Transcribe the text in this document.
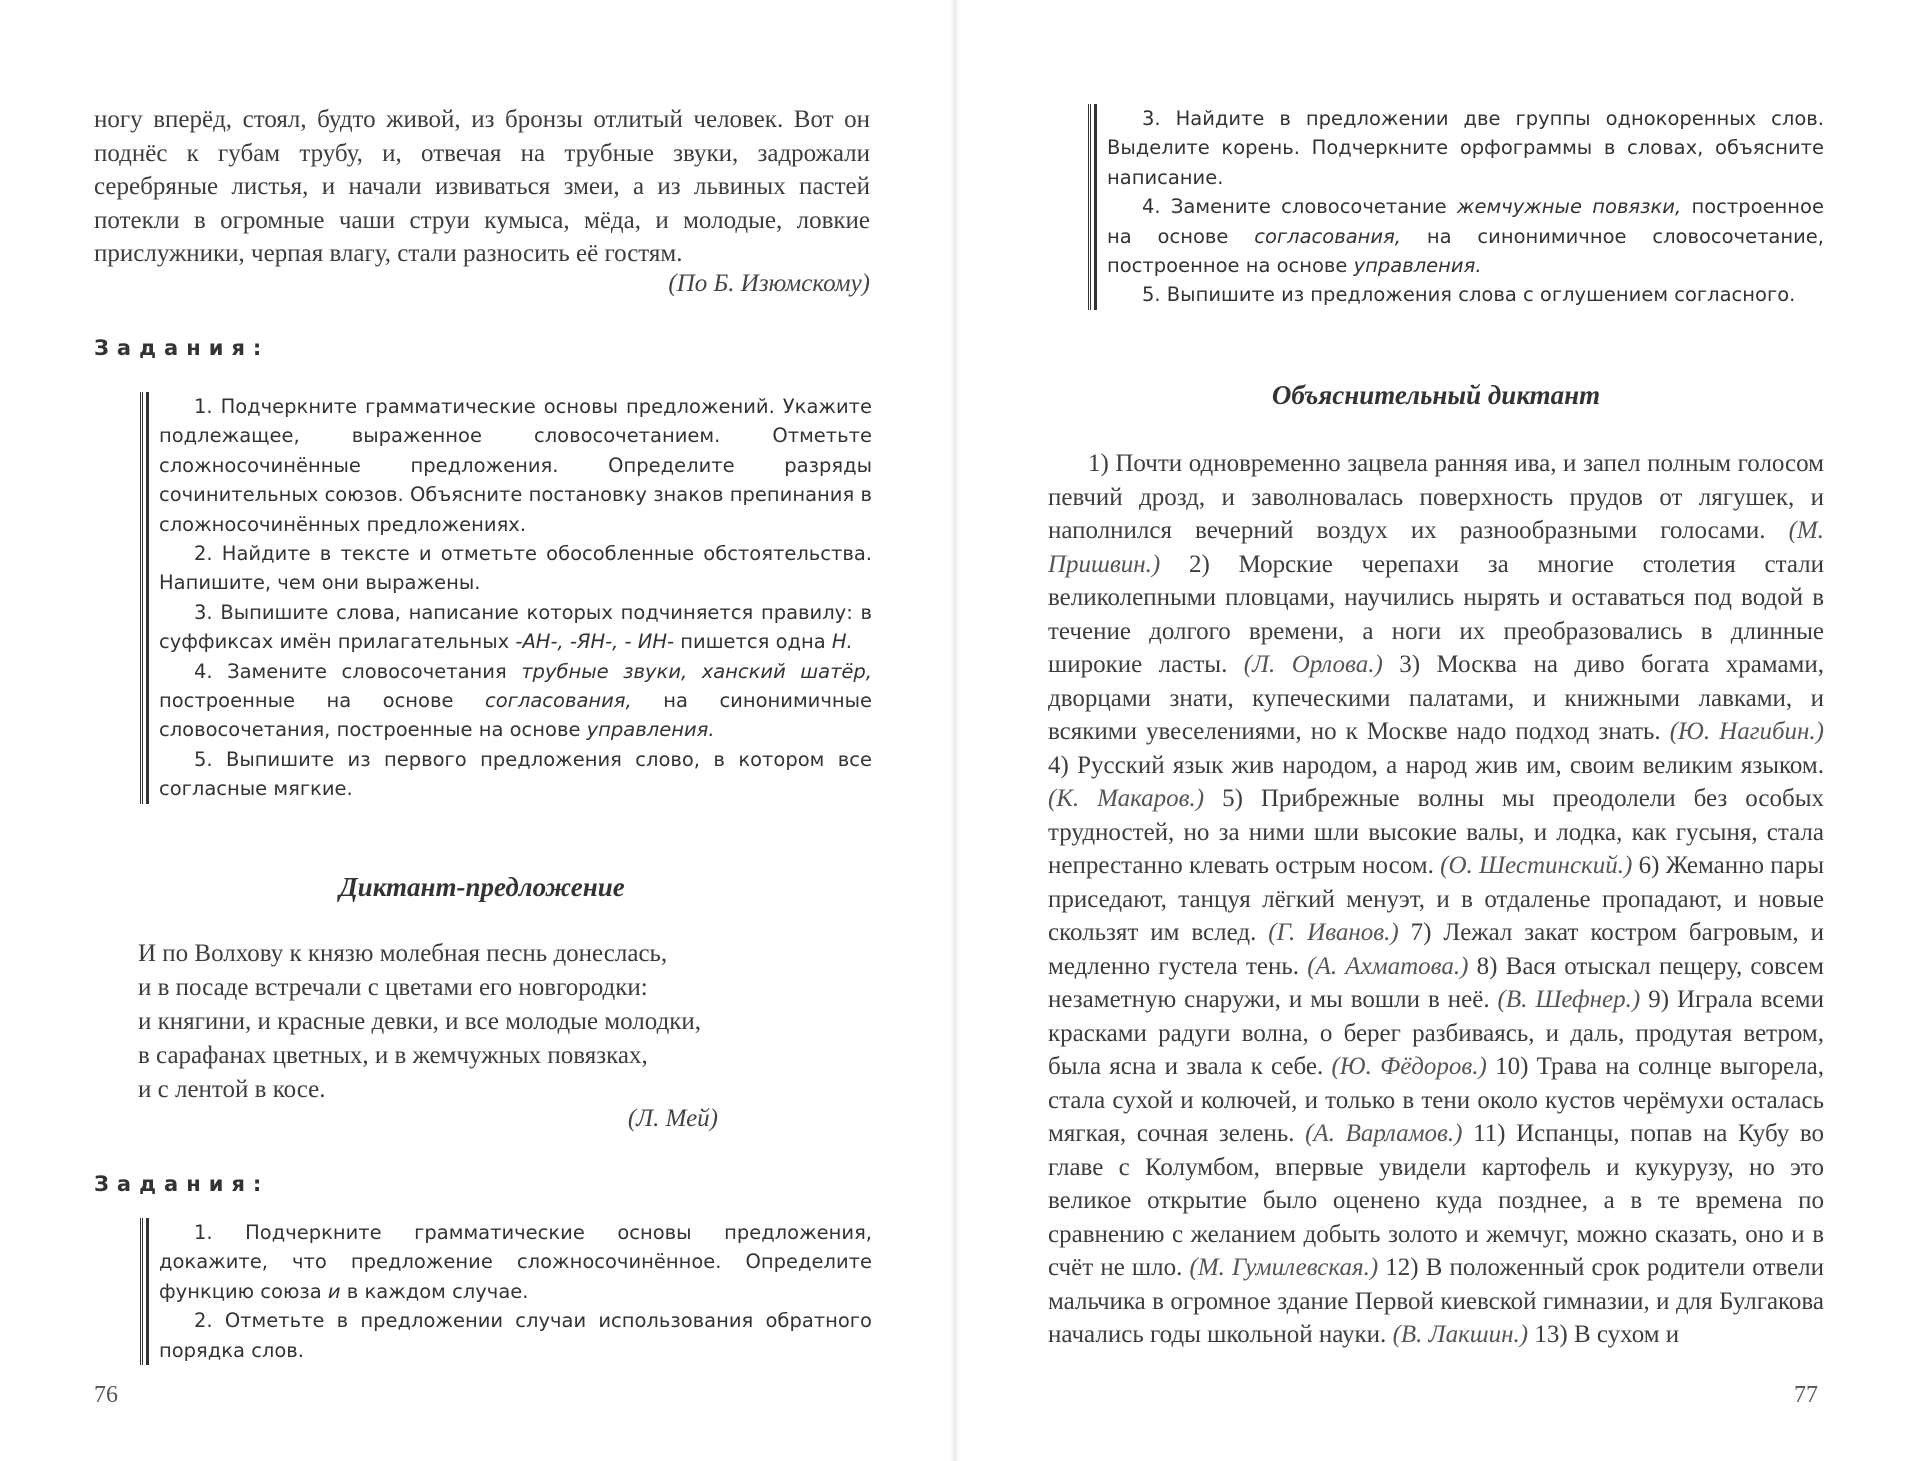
ногу вперёд, стоял, будто живой, из бронзы отлитый человек. Вот он поднёс к губам трубу, и, отвечая на трубные звуки, задрожали серебряные листья, и начали извиваться змеи, а из львиных пастей потекли в огромные чаши струи кумыса, мёда, и молодые, ловкие прислужники, черпая влагу, стали разносить её гостям.

(По Б. Изюмскому)
Задания:

1. Подчеркните грамматические основы предложений. Укажите подлежащее, выраженное словосочетанием. Отметьте сложносочинённые предложения. Определите разряды сочинительных союзов. Объясните постановку знаков препинания в сложносочинённых предложениях.

2. Найдите в тексте и отметьте обособленные обстоятельства. Напишите, чем они выражены.

3. Выпишите слова, написание которых подчиняется правилу: в суффиксах имён прилагательных -АН-, -ЯН-, - ИН- пишется одна Н.

4. Замените словосочетания трубные звуки, ханский шатёр, построенные на основе согласования, на синонимичные словосочетания, построенные на основе управления.

5. Выпишите из первого предложения слово, в котором все согласные мягкие.

Диктант-предложение
И по Волхову к князю молебная песнь донеслась,
и в посаде встречали с цветами его новгородки:
и княгини, и красные девки, и все молодые молодки,
в сарафанах цветных, и в жемчужных повязках,
и с лентой в косе.
(Л. Мей)
Задания:

1. Подчеркните грамматические основы предложения, докажите, что предложение сложносочинённое. Определите функцию союза и в каждом случае.

2. Отметьте в предложении случаи использования обратного порядка слов.

76

3. Найдите в предложении две группы однокоренных слов. Выделите корень. Подчеркните орфограммы в словах, объясните написание.

4. Замените словосочетание жемчужные повязки, построенное на основе согласования, на синонимичное словосочетание, построенное на основе управления.

5. Выпишите из предложения слова с оглушением согласного.

Объяснительный диктант

1) Почти одновременно зацвела ранняя ива, и запел полным голосом певчий дрозд, и заволновалась поверхность прудов от лягушек, и наполнился вечерний воздух их разнообразными голосами. (М. Пришвин.) 2) Морские черепахи за многие столетия стали великолепными пловцами, научились нырять и оставаться под водой в течение долгого времени, а ноги их преобразовались в длинные широкие ласты. (Л. Орлова.) 3) Москва на диво богата храмами, дворцами знати, купеческими палатами, и книжными лавками, и всякими увеселениями, но к Москве надо подход знать. (Ю. Нагибин.) 4) Русский язык жив народом, а народ жив им, своим великим языком. (К. Макаров.) 5) Прибрежные волны мы преодолели без особых трудностей, но за ними шли высокие валы, и лодка, как гусыня, стала непрестанно клевать острым носом. (О. Шестинский.) 6) Жеманно пары приседают, танцуя лёгкий менуэт, и в отдаленье пропадают, и новые скользят им вслед. (Г. Иванов.) 7) Лежал закат костром багровым, и медленно густела тень. (А. Ахматова.) 8) Вася отыскал пещеру, совсем незаметную снаружи, и мы вошли в неё. (В. Шефнер.) 9) Играла всеми красками радуги волна, о берег разбиваясь, и даль, продутая ветром, была ясна и звала к себе. (Ю. Фёдоров.) 10) Трава на солнце выгорела, стала сухой и колючей, и только в тени около кустов черёмухи осталась мягкая, сочная зелень. (А. Варламов.) 11) Испанцы, попав на Кубу во главе с Колумбом, впервые увидели картофель и кукурузу, но это великое открытие было оценено куда позднее, а в те времена по сравнению с желанием добыть золото и жемчуг, можно сказать, оно и в счёт не шло. (М. Гумилевская.) 12) В положенный срок родители отвели мальчика в огромное здание Первой киевской гимназии, и для Булгакова начались годы школьной науки. (В. Лакшин.) 13) В сухом и

77
